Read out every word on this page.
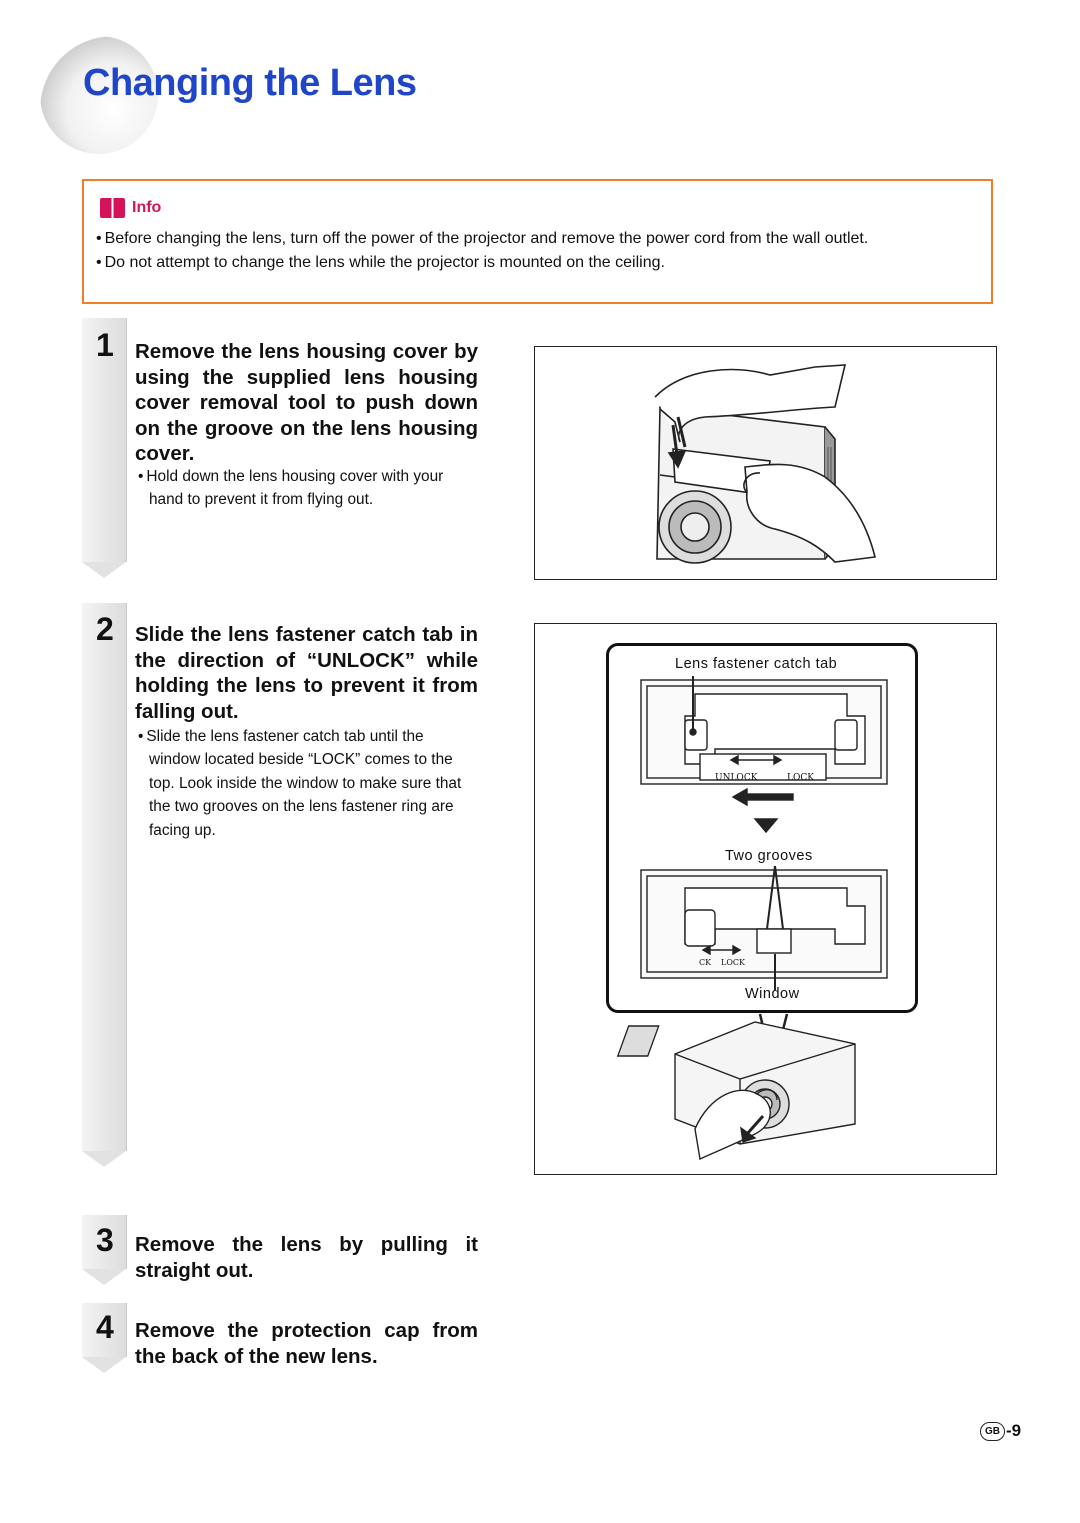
Changing the Lens
Info
• Before changing the lens, turn off the power of the projector and remove the power cord from the wall outlet.
• Do not attempt to change the lens while the projector is mounted on the ceiling.
1 Remove the lens housing cover by using the supplied lens housing cover removal tool to push down on the groove on the lens housing cover.

• Hold down the lens housing cover with your hand to prevent it from flying out.
2 Slide the lens fastener catch tab in the direction of “UNLOCK” while holding the lens to prevent it from falling out.

• Slide the lens fastener catch tab until the window located beside “LOCK” comes to the top. Look inside the window to make sure that the two grooves on the lens fastener ring are facing up.
3 Remove the lens by pulling it straight out.

4 Remove the protection cap from the back of the new lens.

Lens fastener catch tab
UNLOCK	LOCK
Two grooves
CK LOCK
Window
GB -9
